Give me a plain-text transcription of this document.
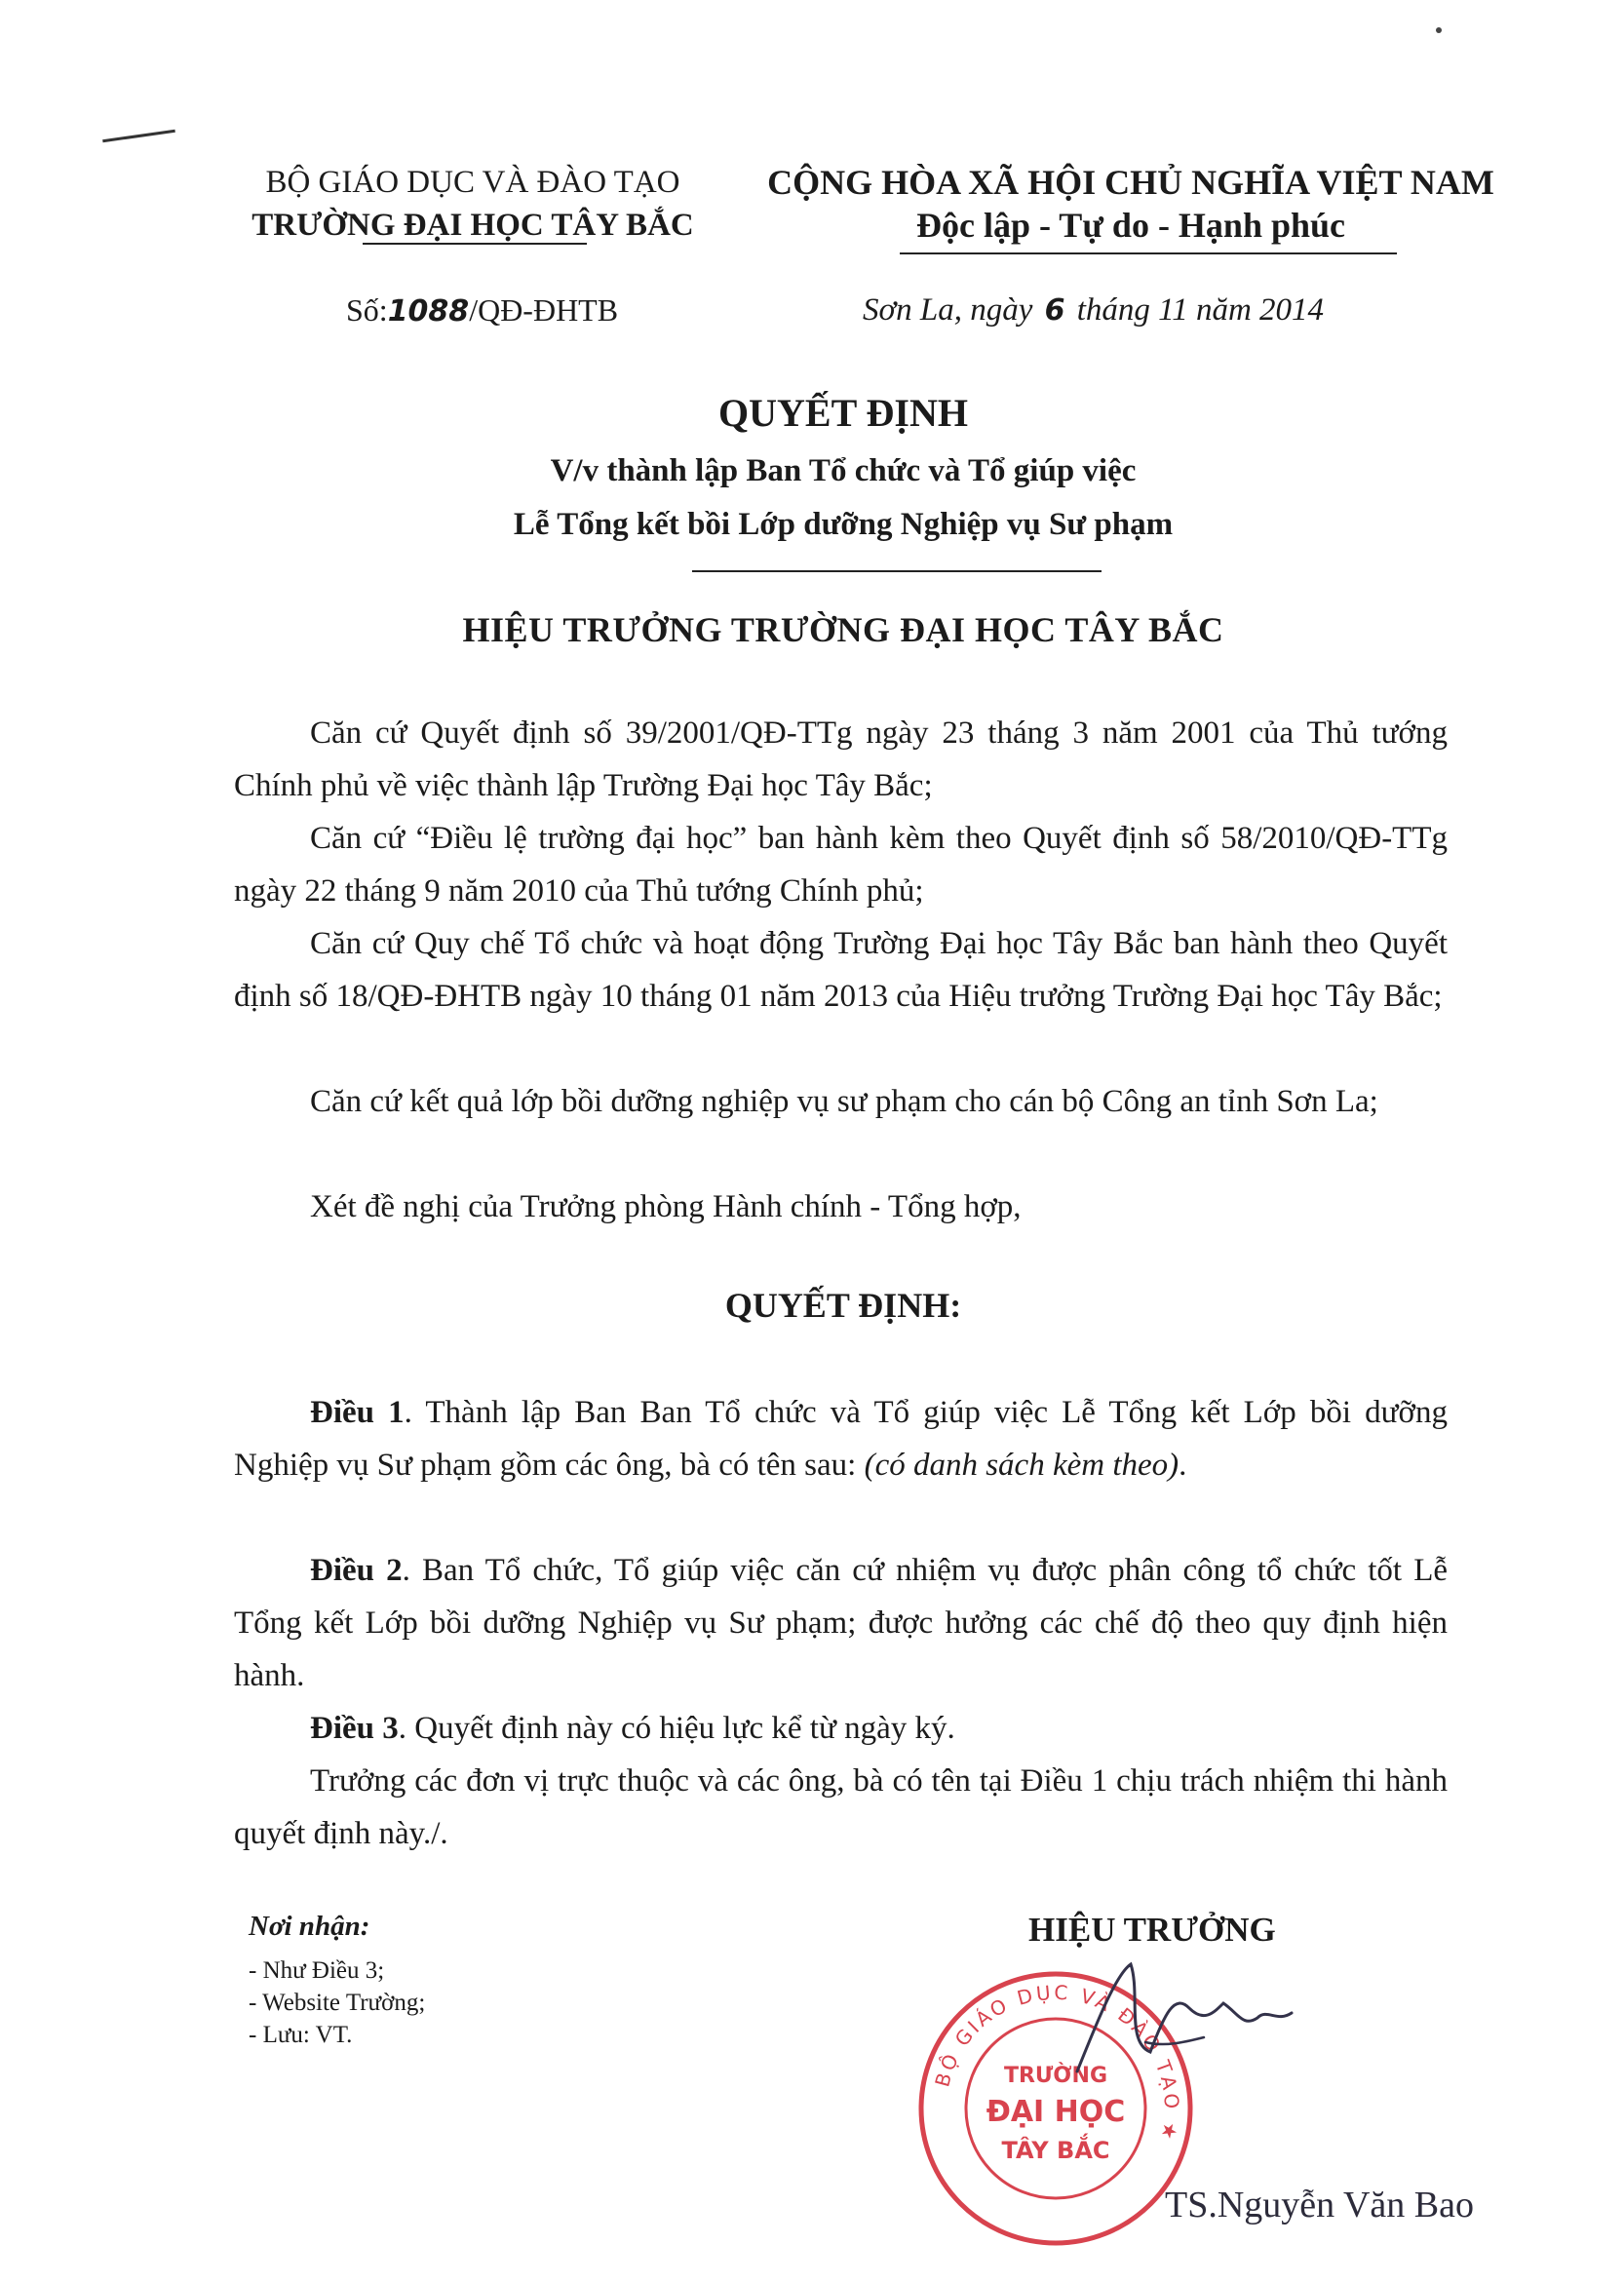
BỘ GIÁO DỤC VÀ ĐÀO TẠO
TRƯỜNG ĐẠI HỌC TÂY BẮC
CỘNG HÒA XÃ HỘI CHỦ NGHĨA VIỆT NAM
Độc lập - Tự do - Hạnh phúc
Số:1088/QĐ-ĐHTB	Sơn La, ngày 6 tháng 11 năm 2014
QUYẾT ĐỊNH
V/v thành lập Ban Tổ chức và Tổ giúp việc
Lễ Tổng kết bồi Lớp dưỡng Nghiệp vụ Sư phạm
HIỆU TRƯỞNG TRƯỜNG ĐẠI HỌC TÂY BẮC
Căn cứ Quyết định số 39/2001/QĐ-TTg ngày 23 tháng 3 năm 2001 của Thủ tướng Chính phủ về việc thành lập Trường Đại học Tây Bắc;
Căn cứ “Điều lệ trường đại học” ban hành kèm theo Quyết định số 58/2010/QĐ-TTg ngày 22 tháng 9 năm 2010 của Thủ tướng Chính phủ;
Căn cứ Quy chế Tổ chức và hoạt động Trường Đại học Tây Bắc ban hành theo Quyết định số 18/QĐ-ĐHTB ngày 10 tháng 01 năm 2013 của Hiệu trưởng Trường Đại học Tây Bắc;
Căn cứ kết quả lớp bồi dưỡng nghiệp vụ sư phạm cho cán bộ Công an tỉnh Sơn La;
Xét đề nghị của Trưởng phòng Hành chính - Tổng hợp,
QUYẾT ĐỊNH:
Điều 1. Thành lập Ban Ban Tổ chức và Tổ giúp việc Lễ Tổng kết Lớp bồi dưỡng Nghiệp vụ Sư phạm gồm các ông, bà có tên sau: (có danh sách kèm theo).
Điều 2. Ban Tổ chức, Tổ giúp việc căn cứ nhiệm vụ được phân công tổ chức tốt Lễ Tổng kết Lớp bồi dưỡng Nghiệp vụ Sư phạm; được hưởng các chế độ theo quy định hiện hành.
Điều 3. Quyết định này có hiệu lực kể từ ngày ký.
Trưởng các đơn vị trực thuộc và các ông, bà có tên tại Điều 1 chịu trách nhiệm thi hành quyết định này./.
Nơi nhận:
- Như Điều 3;
- Website Trường;
- Lưu: VT.
HIỆU TRƯỞNG
BỘ GIÁO DỤC VÀ ĐÀO TẠO ★
TRƯỜNG
ĐẠI HỌC
TÂY BẮC
TS.Nguyễn Văn Bao
